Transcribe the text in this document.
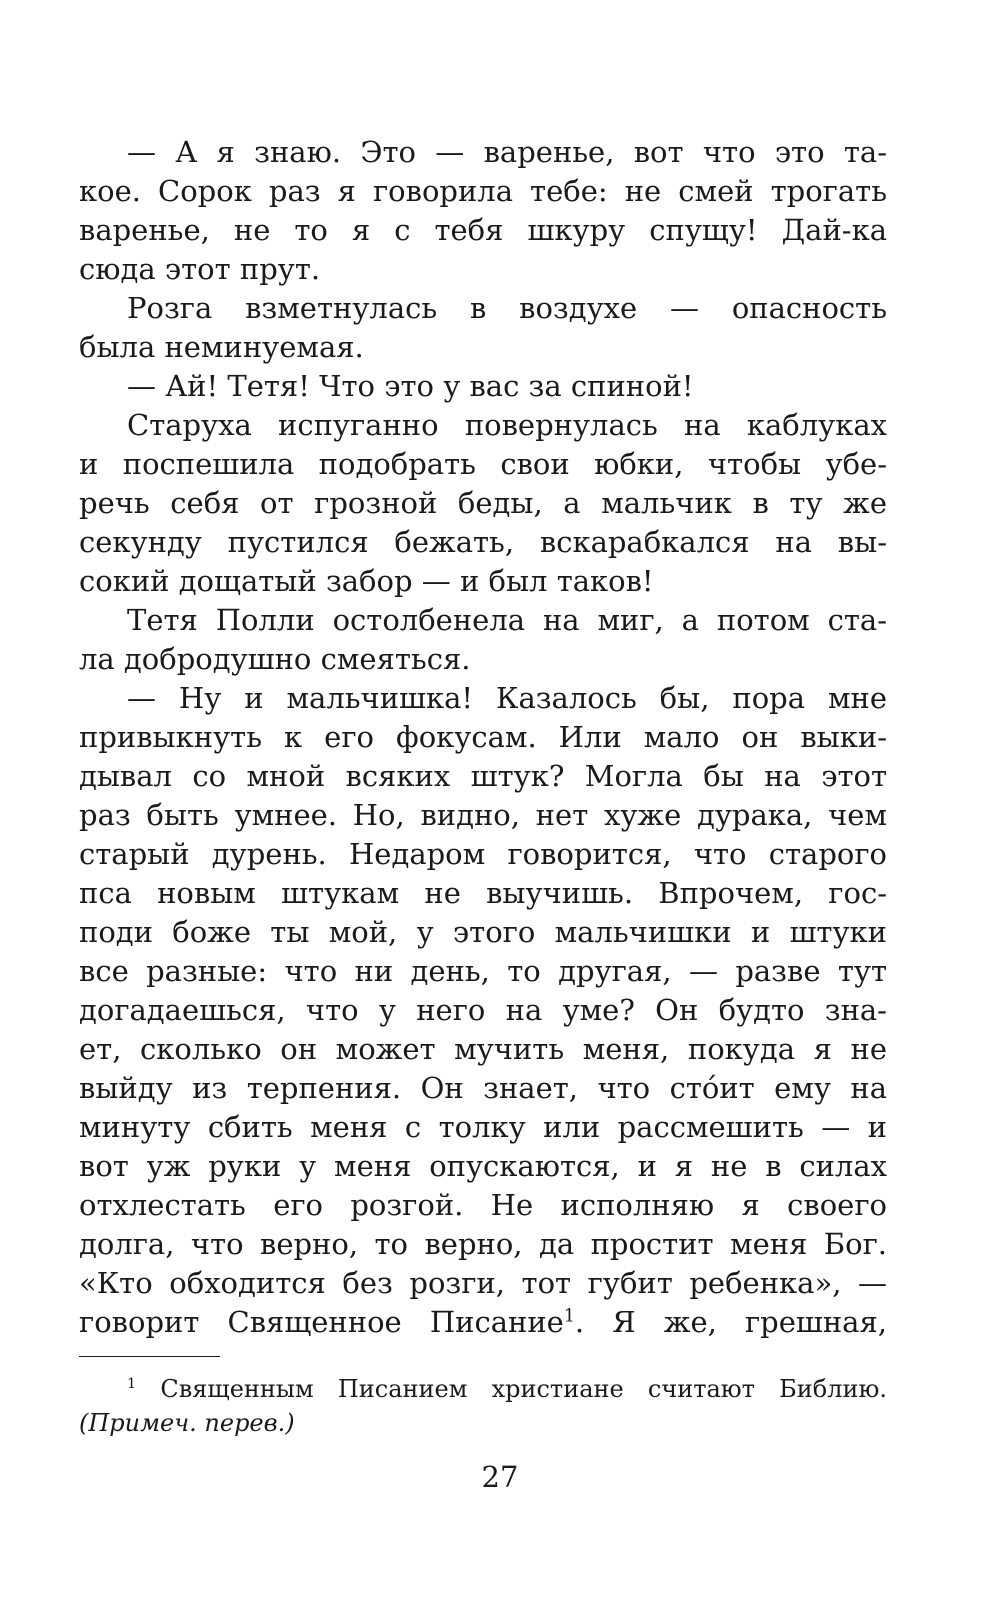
— А я знаю. Это — варенье, вот что это та-
кое. Сорок раз я говорила тебе: не смей трогать
варенье, не то я с тебя шкуру спущу! Дай-ка
сюда этот прут.
Розга взметнулась в воздухе — опасность
была неминуемая.
— Ай! Тетя! Что это у вас за спиной!
Старуха испуганно повернулась на каблуках
и поспешила подобрать свои юбки, чтобы убе-
речь себя от грозной беды, а мальчик в ту же
секунду пустился бежать, вскарабкался на вы-
сокий дощатый забор — и был таков!
Тетя Полли остолбенела на миг, а потом ста-
ла добродушно смеяться.
— Ну и мальчишка! Казалось бы, пора мне
привыкнуть к его фокусам. Или мало он выки-
дывал со мной всяких штук? Могла бы на этот
раз быть умнее. Но, видно, нет хуже дурака, чем
старый дурень. Недаром говорится, что старого
пса новым штукам не выучишь. Впрочем, гос-
поди боже ты мой, у этого мальчишки и штуки
все разные: что ни день, то другая, — разве тут
догадаешься, что у него на уме? Он будто зна-
ет, сколько он может мучить меня, покуда я не
выйду из терпения. Он знает, что сто́ит ему на
минуту сбить меня с толку или рассмешить — и
вот уж руки у меня опускаются, и я не в силах
отхлестать его розгой. Не исполняю я своего
долга, что верно, то верно, да простит меня Бог.
«Кто обходится без розги, тот губит ребенка», —
говорит Священное Писание$^1$. Я же, грешная,
$^1$ Священным Писанием христиане считают Библию.
(Примеч. перев.)
27
